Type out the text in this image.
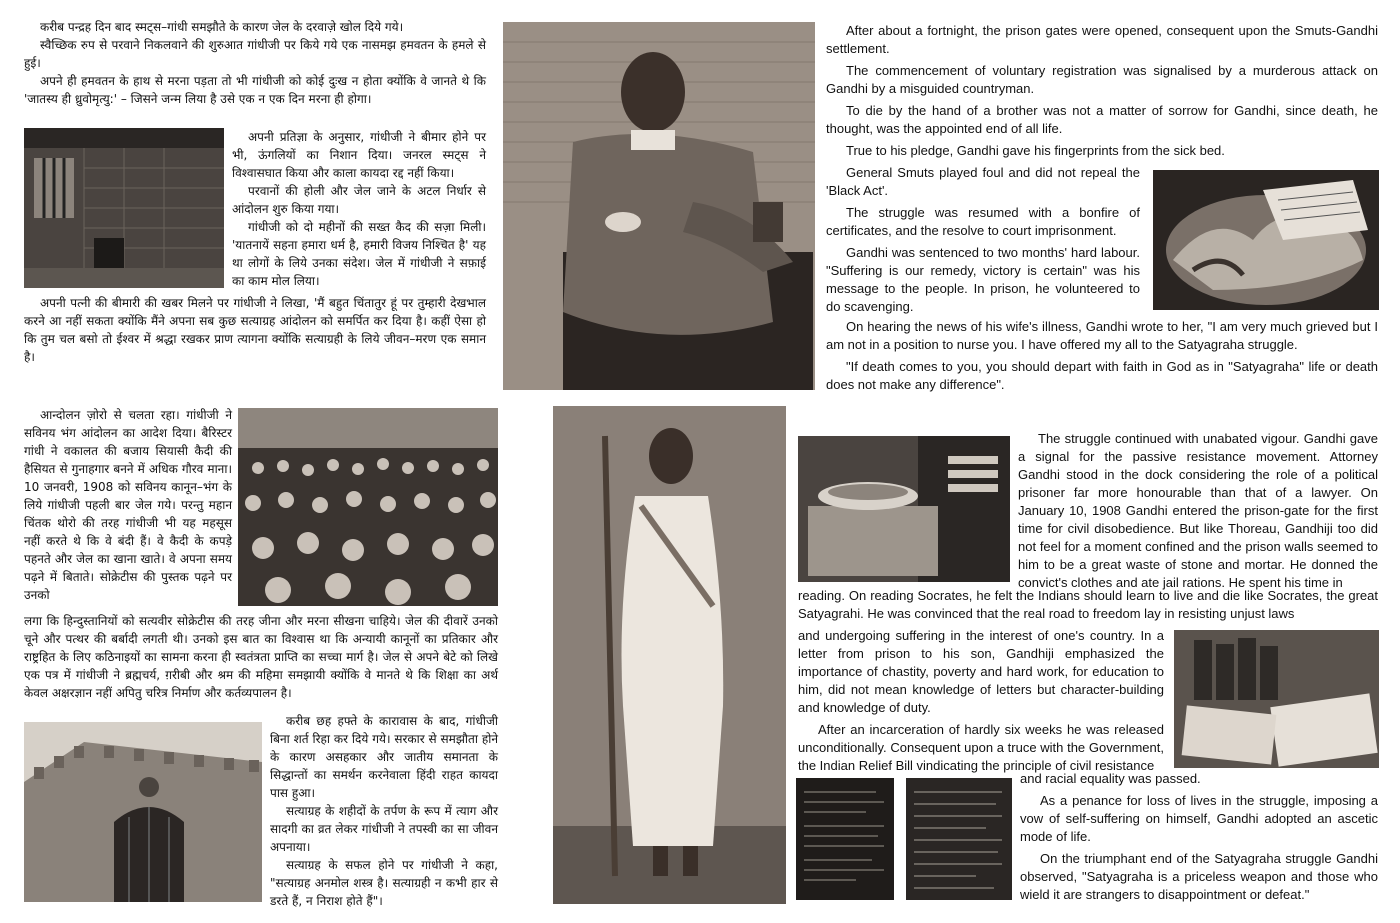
करीब पन्द्रह दिन बाद स्मट्स–गांधी समझौते के कारण जेल के दरवाज़े खोल दिये गये।

स्वैच्छिक रुप से परवाने निकलवाने की शुरुआत गांधीजी पर किये गये एक नासमझ हमवतन के हमले से हुई।

अपने ही हमवतन के हाथ से मरना पड़ता तो भी गांधीजी को कोई दुःख न होता क्योंकि वे जानते थे कि 'जातस्य ही ध्रुवोमृत्यु:' – जिसने जन्म लिया है उसे एक न एक दिन मरना ही होगा।

अपनी प्रतिज्ञा के अनुसार, गांधीजी ने बीमार होने पर भी, ऊंगलियों का निशान दिया। जनरल स्मट्स ने विश्वासघात किया और काला कायदा रद्द नहीं किया।

परवानों की होली और जेल जाने के अटल निर्धार से आंदोलन शुरु किया गया।

गांधीजी को दो महीनों की सख्त कैद की सज़ा मिली। 'यातनायें सहना हमारा धर्म है, हमारी विजय निश्चित है' यह था लोगों के लिये उनका संदेश। जेल में गांधीजी ने सफ़ाई का काम मोल लिया।

अपनी पत्नी की बीमारी की खबर मिलने पर गांधीजी ने लिखा, 'मैं बहुत चिंतातुर हूं पर तुम्हारी देखभाल करने आ नहीं सकता क्योंकि मैंने अपना सब कुछ सत्याग्रह आंदोलन को समर्पित कर दिया है। कहीं ऐसा हो कि तुम चल बसो तो ईश्वर में श्रद्धा रखकर प्राण त्यागना क्योंकि सत्याग्रही के लिये जीवन–मरण एक समान है।

After about a fortnight, the prison gates were opened, consequent upon the Smuts-Gandhi settlement.

The commencement of voluntary registration was signalised by a murderous attack on Gandhi by a misguided countryman.

To die by the hand of a brother was not a matter of sorrow for Gandhi, since death, he thought, was the appointed end of all life.

True to his pledge, Gandhi gave his fingerprints from the sick bed.

General Smuts played foul and did not repeal the 'Black Act'.

The struggle was resumed with a bonfire of certificates, and the resolve to court imprisonment.

Gandhi was sentenced to two months' hard labour. "Suffering is our remedy, victory is certain" was his message to the people. In prison, he volunteered to do scavenging.

On hearing the news of his wife's illness, Gandhi wrote to her, "I am very much grieved but I am not in a position to nurse you. I have offered my all to the Satyagraha struggle.

"If death comes to you, you should depart with faith in God as in "Satyagraha" life or death does not make any difference".

आन्दोलन ज़ोरो से चलता रहा। गांधीजी ने सविनय भंग आंदोलन का आदेश दिया। बैरिस्टर गांधी ने वकालत की बजाय सियासी कैदी की हैसियत से गुनाहगार बनने में अधिक गौरव माना। 10 जनवरी, 1908 को सविनय कानून–भंग के लिये गांधीजी पहली बार जेल गये। परन्तु महान चिंतक थोरो की तरह गांधीजी भी यह महसूस नहीं करते थे कि वे बंदी हैं। वे कैदी के कपड़े पहनते और जेल का खाना खाते। वे अपना समय पढ़ने में बिताते। सोक्रेटीस की पुस्तक पढ़ने पर उनको

लगा कि हिन्दुस्तानियों को सत्यवीर सोक्रेटीस की तरह जीना और मरना सीखना चाहिये। जेल की दीवारें उनको चूने और पत्थर की बर्बादी लगती थी। उनको इस बात का विश्वास था कि अन्यायी कानूनों का प्रतिकार और राष्ट्रहित के लिए कठिनाइयों का सामना करना ही स्वतंत्रता प्राप्ति का सच्चा मार्ग है। जेल से अपने बेटे को लिखे एक पत्र में गांधीजी ने ब्रह्मचर्य, ग़रीबी और श्रम की महिमा समझायी क्योंकि वे मानते थे कि शिक्षा का अर्थ केवल अक्षरज्ञान नहीं अपितु चरित्र निर्माण और कर्तव्यपालन है।

करीब छह हफ्ते के कारावास के बाद, गांधीजी बिना शर्त रिहा कर दिये गये। सरकार से समझौता होने के कारण असहकार और जातीय समानता के सिद्धान्तों का समर्थन करनेवाला हिंदी राहत कायदा पास हुआ।

सत्याग्रह के शहीदों के तर्पण के रूप में त्याग और सादगी का व्रत लेकर गांधीजी ने तपस्वी का सा जीवन अपनाया।

सत्याग्रह के सफल होने पर गांधीजी ने कहा, "सत्याग्रह अनमोल शस्त्र है। सत्याग्रही न कभी हार से डरते हैं, न निराश होते हैं"।

The struggle continued with unabated vigour. Gandhi gave a signal for the passive resistance movement. Attorney Gandhi stood in the dock considering the role of a political prisoner far more honourable than that of a lawyer. On January 10, 1908 Gandhi entered the prison-gate for the first time for civil disobedience. But like Thoreau, Gandhiji too did not feel for a moment confined and the prison walls seemed to him to be a great waste of stone and mortar. He donned the convict's clothes and ate jail rations. He spent his time in

reading. On reading Socrates, he felt the Indians should learn to live and die like Socrates, the great Satyagrahi. He was convinced that the real road to freedom lay in resisting unjust laws

and undergoing suffering in the interest of one's country. In a letter from prison to his son, Gandhiji emphasized the importance of chastity, poverty and hard work, for education to him, did not mean knowledge of letters but character-building and knowledge of duty.

After an incarceration of hardly six weeks he was released unconditionally. Consequent upon a truce with the Government, the Indian Relief Bill vindicating the principle of civil resistance

and racial equality was passed.

As a penance for loss of lives in the struggle, imposing a vow of self-suffering on himself, Gandhi adopted an ascetic mode of life.

On the triumphant end of the Satyagraha struggle Gandhi observed, "Satyagraha is a priceless weapon and those who wield it are strangers to disappointment or defeat."
